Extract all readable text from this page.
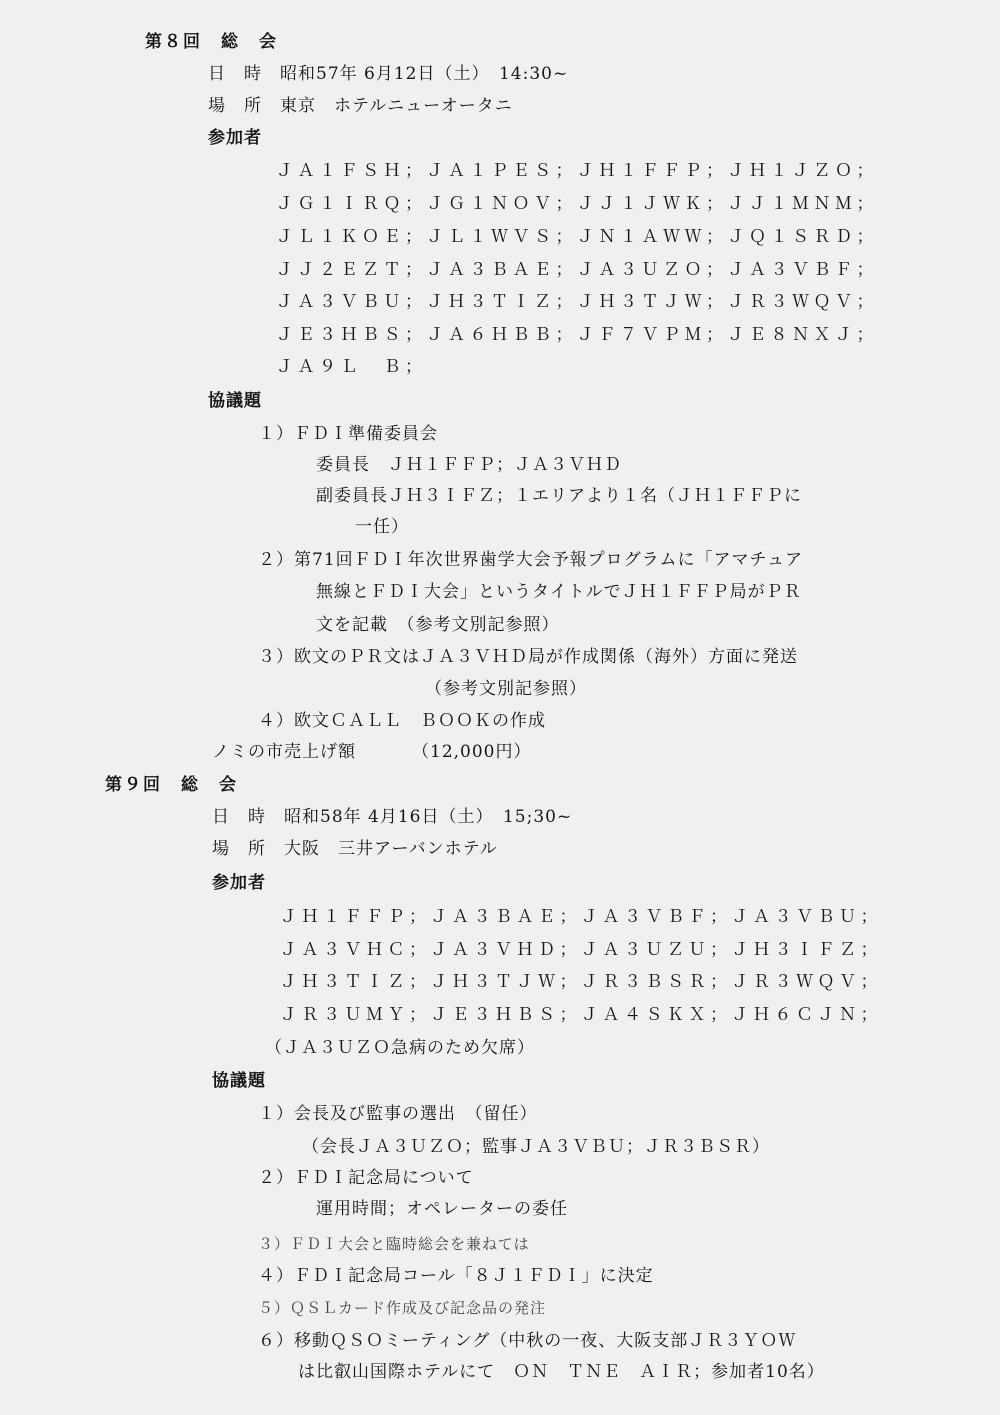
第８回　総　会
日　時　昭和57年 6月12日（土）　14:30~
場　所　東京　ホテルニューオータニ
参加者
ＪＡ１ＦＳＨ；ＪＡ１ＰＥＳ；ＪＨ１ＦＦＰ；ＪＨ１ＪＺＯ；
ＪＧ１ＩＲＱ；ＪＧ１ＮＯＶ；ＪＪ１ＪＷＫ；ＪＪ１ＭＮＭ；
ＪＬ１ＫＯＥ；ＪＬ１ＷＶＳ；ＪＮ１ＡＷＷ；ＪＱ１ＳＲＤ；
ＪＪ２ＥＺＴ；ＪＡ３ＢＡＥ；ＪＡ３ＵＺＯ；ＪＡ３ＶＢＦ；
ＪＡ３ＶＢＵ；ＪＨ３ＴＩＺ；ＪＨ３ＴＪＷ；ＪＲ３ＷＱＶ；
ＪＥ３ＨＢＳ；ＪＡ６ＨＢＢ；ＪＦ７ＶＰＭ；ＪＥ８ＮＸＪ；
ＪＡ９Ｌ　Ｂ；
協議題
１）ＦＤＩ準備委員会
委員長　ＪＨ１ＦＦＰ；ＪＡ３ＶＨＤ
副委員長ＪＨ３ＩＦＺ；１エリアより１名（ＪＨ１ＦＦＰに
一任）
２）第71回ＦＤＩ年次世界歯学大会予報プログラムに「アマチュア
無線とＦＤＩ大会」というタイトルでＪＨ１ＦＦＰ局がＰＲ
文を記載　（参考文別記参照）
３）欧文のＰＲ文はＪＡ３ＶＨＤ局が作成関係（海外）方面に発送
（参考文別記参照）
４）欧文ＣＡＬＬ　ＢＯＯＫの作成
ノミの市売上げ額	（12,000円）
第９回　総　会
日　時　昭和58年 4月16日（土）　15;30~
場　所　大阪　三井アーバンホテル
参加者
ＪＨ１ＦＦＰ；ＪＡ３ＢＡＥ；ＪＡ３ＶＢＦ；ＪＡ３ＶＢＵ；
ＪＡ３ＶＨＣ；ＪＡ３ＶＨＤ；ＪＡ３ＵＺＵ；ＪＨ３ＩＦＺ；
ＪＨ３ＴＩＺ；ＪＨ３ＴＪＷ；ＪＲ３ＢＳＲ；ＪＲ３ＷＱＶ；
ＪＲ３ＵＭＹ；ＪＥ３ＨＢＳ；ＪＡ４ＳＫＸ；ＪＨ６ＣＪＮ；
（ＪＡ３ＵＺＯ急病のため欠席）
協議題
１）会長及び監事の選出　（留任）
（会長ＪＡ３ＵＺＯ；監事ＪＡ３ＶＢＵ；ＪＲ３ＢＳＲ）
２）ＦＤＩ記念局について
運用時間；オペレーターの委任
３）ＦＤＩ大会と臨時総会を兼ねては
４）ＦＤＩ記念局コール「８Ｊ１ＦＤＩ」に決定
５）ＱＳＬカード作成及び記念品の発注
６）移動ＱＳＯミーティング（中秋の一夜、大阪支部ＪＲ３ＹＯＷ
は比叡山国際ホテルにて　ＯＮ　ＴＮＥ　ＡＩＲ；参加者10名）
